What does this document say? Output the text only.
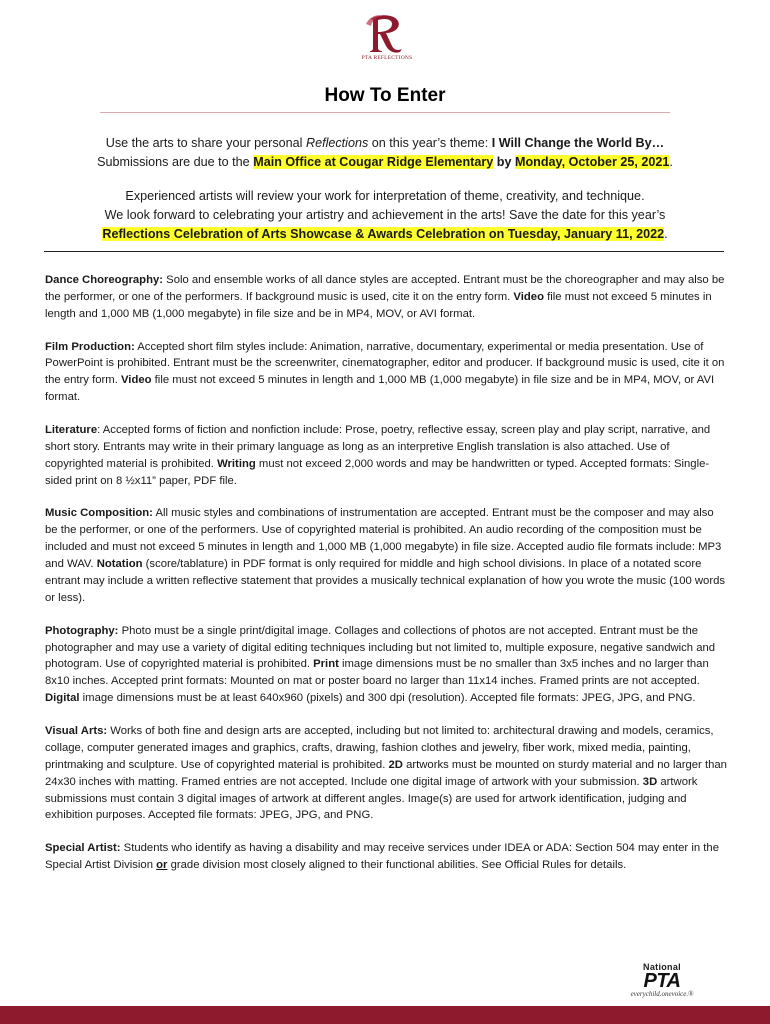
PTA REFLECTIONS
How To Enter
Use the arts to share your personal Reflections on this year’s theme: I Will Change the World By…
Submissions are due to the Main Office at Cougar Ridge Elementary by Monday, October 25, 2021.
Experienced artists will review your work for interpretation of theme, creativity, and technique.
We look forward to celebrating your artistry and achievement in the arts! Save the date for this year’s
Reflections Celebration of Arts Showcase & Awards Celebration on Tuesday, January 11, 2022.

Dance Choreography: Solo and ensemble works of all dance styles are accepted. Entrant must be the choreographer and may also be the performer, or one of the performers. If background music is used, cite it on the entry form. Video file must not exceed 5 minutes in length and 1,000 MB (1,000 megabyte) in file size and be in MP4, MOV, or AVI format.

Film Production: Accepted short film styles include: Animation, narrative, documentary, experimental or media presentation. Use of PowerPoint is prohibited. Entrant must be the screenwriter, cinematographer, editor and producer. If background music is used, cite it on the entry form. Video file must not exceed 5 minutes in length and 1,000 MB (1,000 megabyte) in file size and be in MP4, MOV, or AVI format.

Literature: Accepted forms of fiction and nonfiction include: Prose, poetry, reflective essay, screen play and play script, narrative, and short story. Entrants may write in their primary language as long as an interpretive English translation is also attached. Use of copyrighted material is prohibited. Writing must not exceed 2,000 words and may be handwritten or typed. Accepted formats: Single-sided print on 8 ½x11” paper, PDF file.

Music Composition: All music styles and combinations of instrumentation are accepted. Entrant must be the composer and may also be the performer, or one of the performers. Use of copyrighted material is prohibited. An audio recording of the composition must be included and must not exceed 5 minutes in length and 1,000 MB (1,000 megabyte) in file size. Accepted audio file formats include: MP3 and WAV. Notation (score/tablature) in PDF format is only required for middle and high school divisions. In place of a notated score entrant may include a written reflective statement that provides a musically technical explanation of how you wrote the music (100 words or less).

Photography: Photo must be a single print/digital image. Collages and collections of photos are not accepted. Entrant must be the photographer and may use a variety of digital editing techniques including but not limited to, multiple exposure, negative sandwich and photogram. Use of copyrighted material is prohibited. Print image dimensions must be no smaller than 3x5 inches and no larger than 8x10 inches. Accepted print formats: Mounted on mat or poster board no larger than 11x14 inches. Framed prints are not accepted. Digital image dimensions must be at least 640x960 (pixels) and 300 dpi (resolution). Accepted file formats: JPEG, JPG, and PNG.

Visual Arts: Works of both fine and design arts are accepted, including but not limited to: architectural drawing and models, ceramics, collage, computer generated images and graphics, crafts, drawing, fashion clothes and jewelry, fiber work, mixed media, painting, printmaking and sculpture. Use of copyrighted material is prohibited. 2D artworks must be mounted on sturdy material and no larger than 24x30 inches with matting. Framed entries are not accepted. Include one digital image of artwork with your submission. 3D artwork submissions must contain 3 digital images of artwork at different angles. Image(s) are used for artwork identification, judging and exhibition purposes. Accepted file formats: JPEG, JPG, and PNG.

Special Artist: Students who identify as having a disability and may receive services under IDEA or ADA: Section 504 may enter in the Special Artist Division or grade division most closely aligned to their functional abilities. See Official Rules for details.

National
PTA
everychild.onevoice.®
